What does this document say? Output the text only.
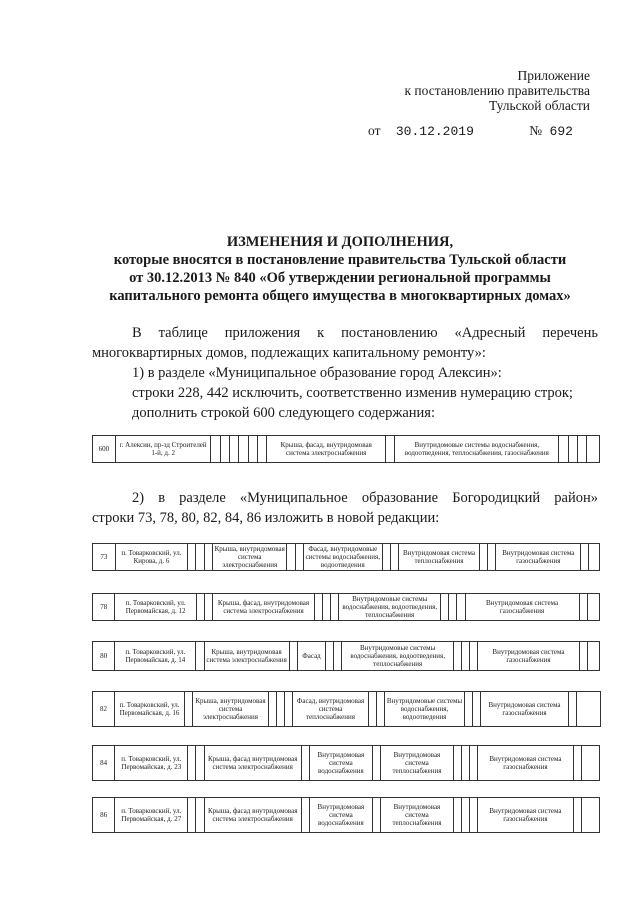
Приложение
к постановлению правительства
Тульской области
от 30.12.2019	№ 692
ИЗМЕНЕНИЯ И ДОПОЛНЕНИЯ,
которые вносятся в постановление правительства Тульской области
от 30.12.2013 № 840 «Об утверждении региональной программы
капитального ремонта общего имущества в многоквартирных домах»
В таблице приложения к постановлению «Адресный перечень
многоквартирных домов, подлежащих капитальному ремонту»:
1) в разделе «Муниципальное образование город Алексин»:
строки 228, 442 исключить, соответственно изменив нумерацию строк;
дополнить строкой 600 следующего содержания:
600	г. Алексин, пр-зд Строителей 1-й, д. 2							Крыша, фасад, внутридомовая система электроснабжения		Внутридомовые системы водоснабжения, водоотведения, теплоснабжения, газоснабжения				
2) в разделе «Муниципальное образование Богородицкий район»
строки 73, 78, 80, 82, 84, 86 изложить в новой редакции:
73	п. Товарковский, ул. Кирова, д. 6				Крыша, внутридомовая система электроснабжения			Фасад, внутридомовые системы водоснабжения, водоотведения			Внутридомовая система теплоснабжения			Внутридомовая система газоснабжения		
78	п. Товарковский, ул. Первомайская, д. 12			Крыша, фасад, внутридомовая система электроснабжения				Внутридомовые системы водоснабжения, водоотведения, теплоснабжения				Внутридомовая система газоснабжения		
80	п. Товарковский, ул. Первомайская, д. 14		Крыша, внутридомовая система электроснабжения		Фасад			Внутридомовые системы водоснабжения, водоотведения, теплоснабжения				Внутридомовая система газоснабжения		
82	п. Товарковский, ул. Первомайская, д. 16		Крыша, внутридомовая система электроснабжения				Фасад, внутридомовая система теплоснабжения			Внутридомовые системы водоснабжения, водоотведения			Внутридомовая система газоснабжения		
84	п. Товарковский, ул. Первомайская, д. 23			Крыша, фасад внутридомовая система электроснабжения		Внутридомовая система водоснабжения		Внутридомовая система теплоснабжения				Внутридомовая система газоснабжения		
86	п. Товарковский, ул. Первомайская, д. 27			Крыша, фасад внутридомовая система электроснабжения		Внутридомовая система водоснабжения		Внутридомовая система теплоснабжения				Внутридомовая система газоснабжения		
